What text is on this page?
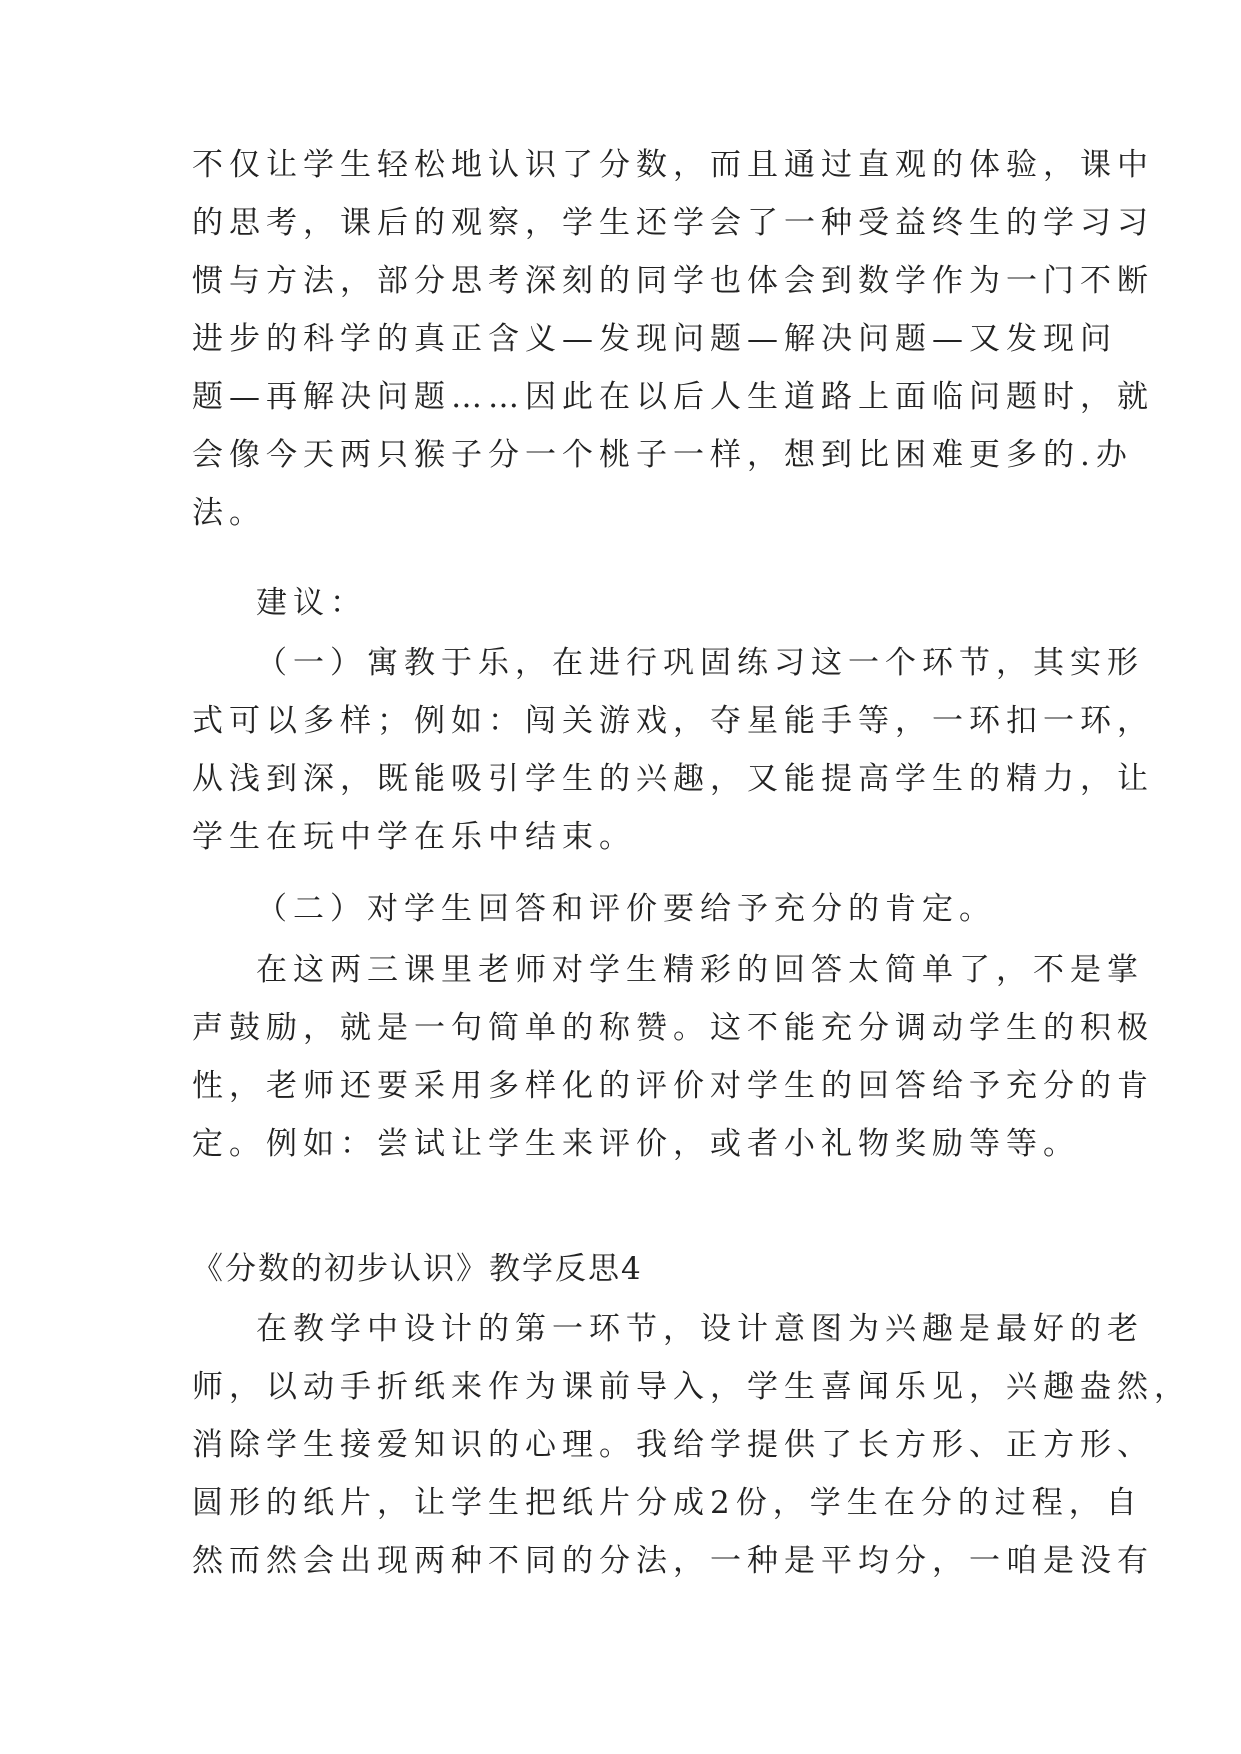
不仅让学生轻松地认识了分数，而且通过直观的体验，课中
的思考，课后的观察，学生还学会了一种受益终生的学习习
惯与方法，部分思考深刻的同学也体会到数学作为一门不断
进步的科学的真正含义—发现问题—解决问题—又发现问
题—再解决问题……因此在以后人生道路上面临问题时，就
会像今天两只猴子分一个桃子一样，想到比困难更多的.办
法。
建议：
（一）寓教于乐，在进行巩固练习这一个环节，其实形
式可以多样；例如：闯关游戏，夺星能手等，一环扣一环，
从浅到深，既能吸引学生的兴趣，又能提高学生的精力，让
学生在玩中学在乐中结束。
（二）对学生回答和评价要给予充分的肯定。
在这两三课里老师对学生精彩的回答太简单了，不是掌
声鼓励，就是一句简单的称赞。这不能充分调动学生的积极
性，老师还要采用多样化的评价对学生的回答给予充分的肯
定。例如：尝试让学生来评价，或者小礼物奖励等等。
《分数的初步认识》教学反思4
在教学中设计的第一环节，设计意图为兴趣是最好的老
师，以动手折纸来作为课前导入，学生喜闻乐见，兴趣盎然，
消除学生接爱知识的心理。我给学提供了长方形、正方形、
圆形的纸片，让学生把纸片分成2份，学生在分的过程，自
然而然会出现两种不同的分法，一种是平均分，一咱是没有
